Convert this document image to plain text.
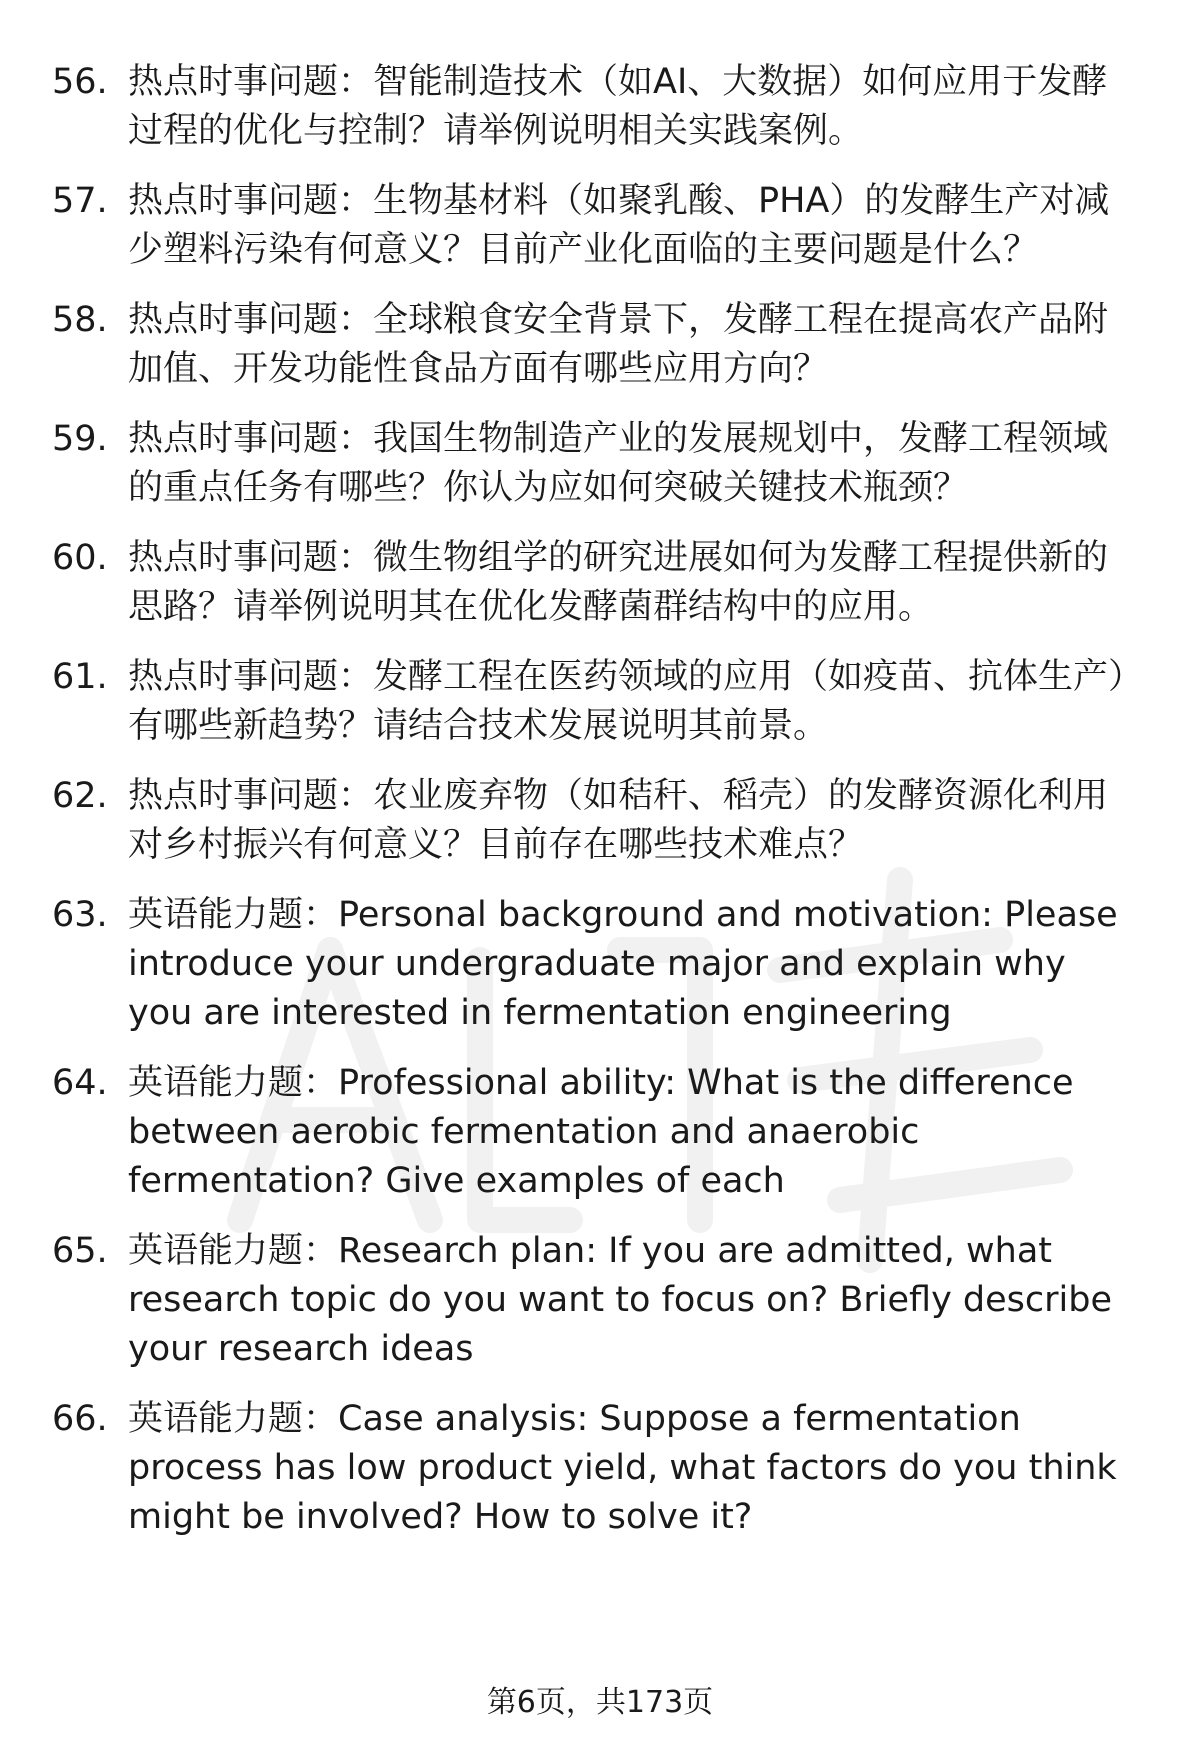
56. 热点时事问题：智能制造技术（如AI、大数据）如何应用于发酵过程的优化与控制？请举例说明相关实践案例。
57. 热点时事问题：生物基材料（如聚乳酸、PHA）的发酵生产对减少塑料污染有何意义？目前产业化面临的主要问题是什么？
58. 热点时事问题：全球粮食安全背景下，发酵工程在提高农产品附加值、开发功能性食品方面有哪些应用方向？
59. 热点时事问题：我国生物制造产业的发展规划中，发酵工程领域的重点任务有哪些？你认为应如何突破关键技术瓶颈？
60. 热点时事问题：微生物组学的研究进展如何为发酵工程提供新的思路？请举例说明其在优化发酵菌群结构中的应用。
61. 热点时事问题：发酵工程在医药领域的应用（如疫苗、抗体生产）有哪些新趋势？请结合技术发展说明其前景。
62. 热点时事问题：农业废弃物（如秸秆、稻壳）的发酵资源化利用对乡村振兴有何意义？目前存在哪些技术难点？
63. 英语能力题：Personal background and motivation: Please introduce your undergraduate major and explain why you are interested in fermentation engineering
64. 英语能力题：Professional ability: What is the difference between aerobic fermentation and anaerobic fermentation? Give examples of each
65. 英语能力题：Research plan: If you are admitted, what research topic do you want to focus on? Briefly describe your research ideas
66. 英语能力题：Case analysis: Suppose a fermentation process has low product yield, what factors do you think might be involved? How to solve it?
第6页，共173页
